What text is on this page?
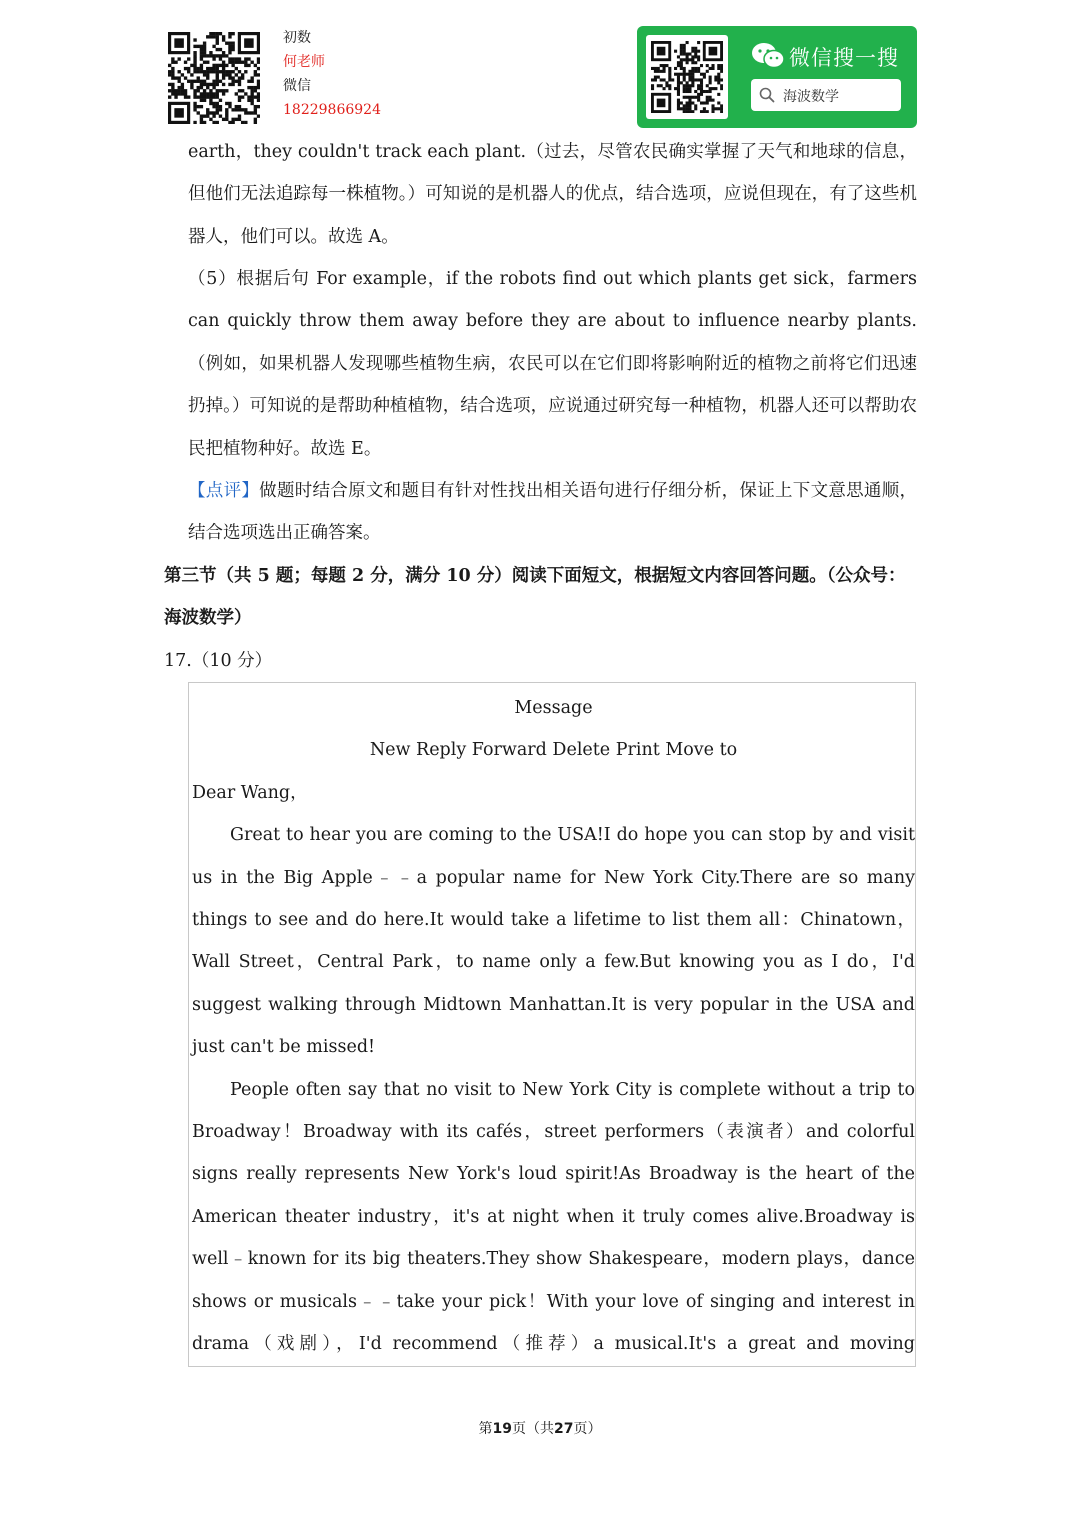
初数
何老师
微信
18229866924
微信搜一搜
海波数学

earth，they couldn't track each plant.（过去，尽管农民确实掌握了天气和地球的信息，但他们无法追踪每一株植物。）可知说的是机器人的优点，结合选项，应说但现在，有了这些机器人，他们可以。故选 A。

（5）根据后句 For example，if the robots find out which plants get sick，farmers can quickly throw them away before they are about to influence nearby plants.（例如，如果机器人发现哪些植物生病，农民可以在它们即将影响附近的植物之前将它们迅速扔掉。）可知说的是帮助种植植物，结合选项，应说通过研究每一种植物，机器人还可以帮助农民把植物种好。故选 E。

【点评】做题时结合原文和题目有针对性找出相关语句进行仔细分析，保证上下文意思通顺，结合选项选出正确答案。

第三节（共 5 题；每题 2 分，满分 10 分）阅读下面短文，根据短文内容回答问题。（公众号：海波数学）
17.（10 分）

Message

New Reply Forward Delete Print Move to

Dear Wang，

Great to hear you are coming to the USA!I do hope you can stop by and visit us in the Big Apple﹣﹣a popular name for New York City.There are so many things to see and do here.It would take a lifetime to list them all：Chinatown，Wall Street，Central Park，to name only a few.But knowing you as I do，I'd suggest walking through Midtown Manhattan.It is very popular in the USA and just can't be missed!

People often say that no visit to New York City is complete without a trip to Broadway！Broadway with its cafés，street performers（表演者）and colorful signs really represents New York's loud spirit!As Broadway is the heart of the American theater industry，it's at night when it truly comes alive.Broadway is well﹣known for its big theaters.They show Shakespeare，modern plays，dance shows or musicals﹣﹣take your pick！With your love of singing and interest in drama（戏剧），I'd recommend（推荐）a musical.It's a great and moving

第19页（共27页）
